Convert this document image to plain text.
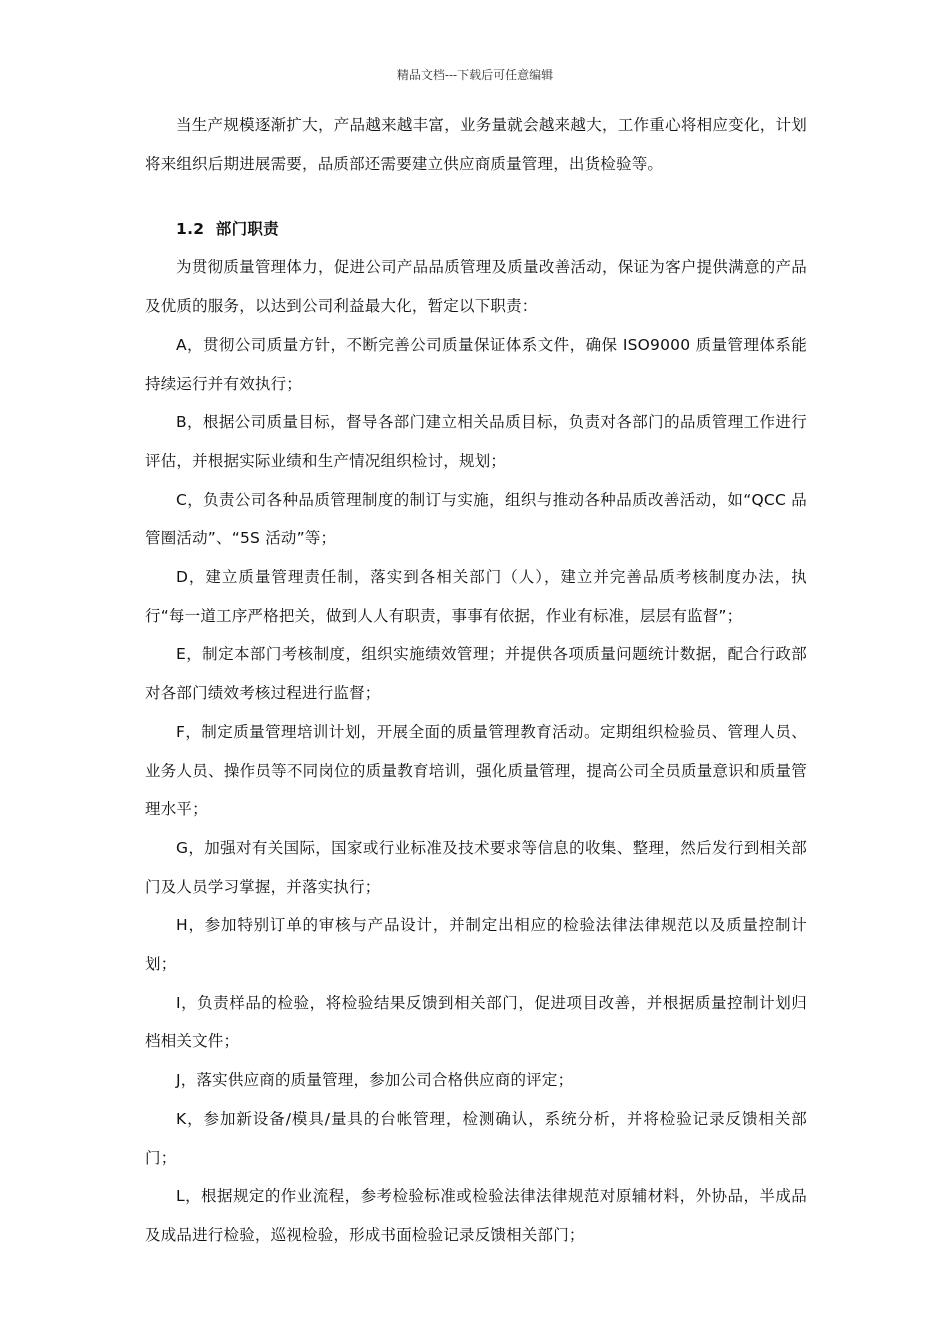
精品文档---下载后可任意编辑

当生产规模逐渐扩大，产品越来越丰富，业务量就会越来越大，工作重心将相应变化，计划将来组织后期进展需要，品质部还需要建立供应商质量管理，出货检验等。

1.2 部门职责

为贯彻质量管理体力，促进公司产品品质管理及质量改善活动，保证为客户提供满意的产品及优质的服务，以达到公司利益最大化，暂定以下职责：

A，贯彻公司质量方针，不断完善公司质量保证体系文件，确保 ISO9000 质量管理体系能持续运行并有效执行；

B，根据公司质量目标，督导各部门建立相关品质目标，负责对各部门的品质管理工作进行评估，并根据实际业绩和生产情况组织检讨，规划；

C，负责公司各种品质管理制度的制订与实施，组织与推动各种品质改善活动，如“QCC 品管圈活动”、“5S 活动”等；

D，建立质量管理责任制，落实到各相关部门（人），建立并完善品质考核制度办法，执行“每一道工序严格把关，做到人人有职责，事事有依据，作业有标准，层层有监督”；

E，制定本部门考核制度，组织实施绩效管理；并提供各项质量问题统计数据，配合行政部对各部门绩效考核过程进行监督；

F，制定质量管理培训计划，开展全面的质量管理教育活动。定期组织检验员、管理人员、业务人员、操作员等不同岗位的质量教育培训，强化质量管理，提高公司全员质量意识和质量管理水平；

G，加强对有关国际，国家或行业标准及技术要求等信息的收集、整理，然后发行到相关部门及人员学习掌握，并落实执行；

H，参加特别订单的审核与产品设计，并制定出相应的检验法律法律规范以及质量控制计划；

I，负责样品的检验，将检验结果反馈到相关部门，促进项目改善，并根据质量控制计划归档相关文件；

J，落实供应商的质量管理，参加公司合格供应商的评定；

K，参加新设备/模具/量具的台帐管理，检测确认，系统分析，并将检验记录反馈相关部门；

L，根据规定的作业流程，参考检验标准或检验法律法律规范对原辅材料，外协品，半成品及成品进行检验，巡视检验，形成书面检验记录反馈相关部门；
